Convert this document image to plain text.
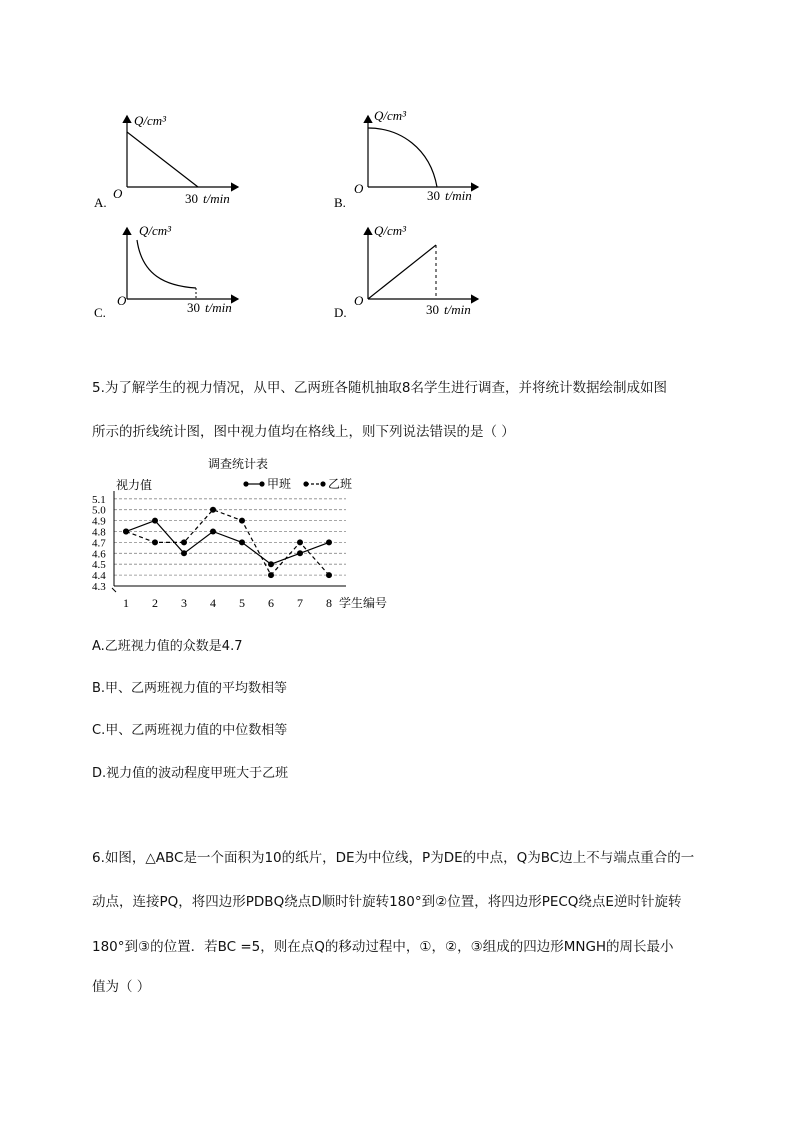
Q/cm³
O	30 t/min
A.
Q/cm³
O	30 t/min
B.
Q/cm³
O	30 t/min
C.
Q/cm³
O
30 t/min
D.
5.为了解学生的视力情况，从甲、乙两班各随机抽取8名学生进行调查，并将统计数据绘制成如图
所示的折线统计图，图中视力值均在格线上，则下列说法错误的是（ ）
调查统计表
视力值
4.3
4.4
4.5
4.6
4.7
4.8
4.9
5.0
5.1
1 2 3 4 5 6 7 8 学生编号
甲班	乙班
A.乙班视力值的众数是4.7
B.甲、乙两班视力值的平均数相等
C.甲、乙两班视力值的中位数相等
D.视力值的波动程度甲班大于乙班
6.如图，△ABC是一个面积为10的纸片，DE为中位线，P为DE的中点，Q为BC边上不与端点重合的一
动点，连接PQ，将四边形PDBQ绕点D顺时针旋转180°到②位置，将四边形PECQ绕点E逆时针旋转
180°到③的位置．若BC =5，则在点Q的移动过程中，①，②，③组成的四边形MNGH的周长最小
值为（ ）
